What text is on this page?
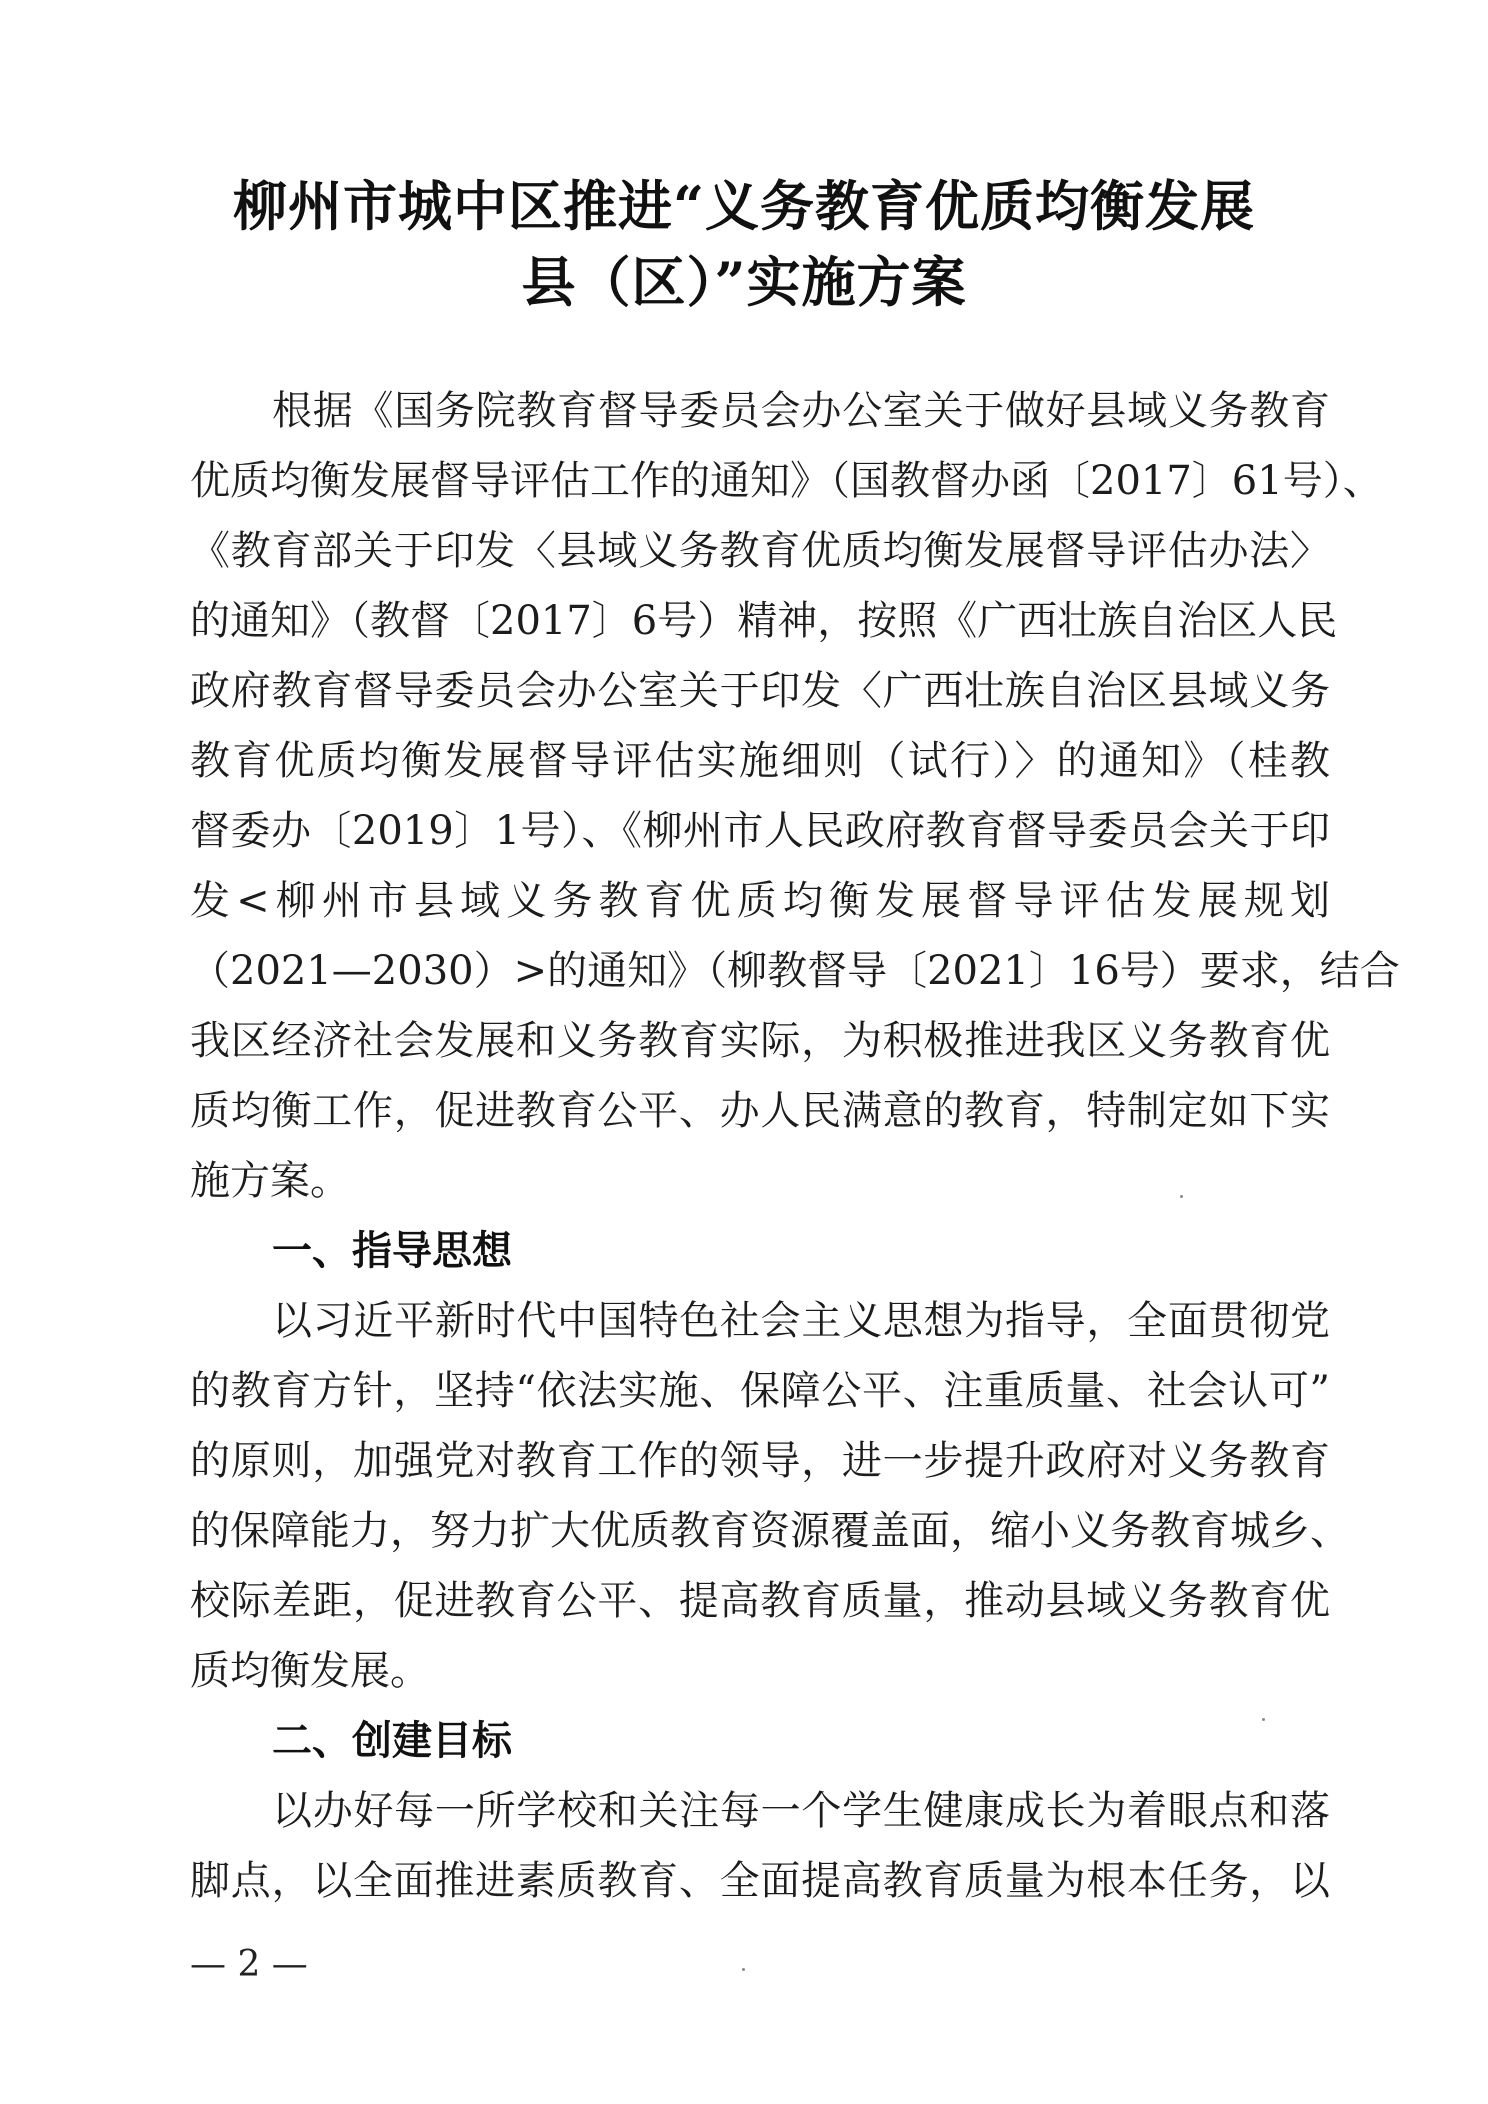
柳州市城中区推进“义务教育优质均衡发展
县（区）”实施方案
根据《国务院教育督导委员会办公室关于做好县域义务教育
优质均衡发展督导评估工作的通知》（国教督办函〔2017〕61号）、
《教育部关于印发〈县域义务教育优质均衡发展督导评估办法〉
的通知》（教督〔2017〕6号）精神，按照《广西壮族自治区人民
政府教育督导委员会办公室关于印发〈广西壮族自治区县域义务
教育优质均衡发展督导评估实施细则（试行）〉的通知》（桂教
督委办〔2019〕1号）、《柳州市人民政府教育督导委员会关于印
发<柳州市县域义务教育优质均衡发展督导评估发展规划
（2021—2030）>的通知》（柳教督导〔2021〕16号）要求，结合
我区经济社会发展和义务教育实际，为积极推进我区义务教育优
质均衡工作，促进教育公平、办人民满意的教育，特制定如下实
施方案。
一、指导思想
以习近平新时代中国特色社会主义思想为指导，全面贯彻党
的教育方针，坚持“依法实施、保障公平、注重质量、社会认可”
的原则，加强党对教育工作的领导，进一步提升政府对义务教育
的保障能力，努力扩大优质教育资源覆盖面，缩小义务教育城乡、
校际差距，促进教育公平、提高教育质量，推动县域义务教育优
质均衡发展。
二、创建目标
以办好每一所学校和关注每一个学生健康成长为着眼点和落
脚点，以全面推进素质教育、全面提高教育质量为根本任务，以
— 2 —
